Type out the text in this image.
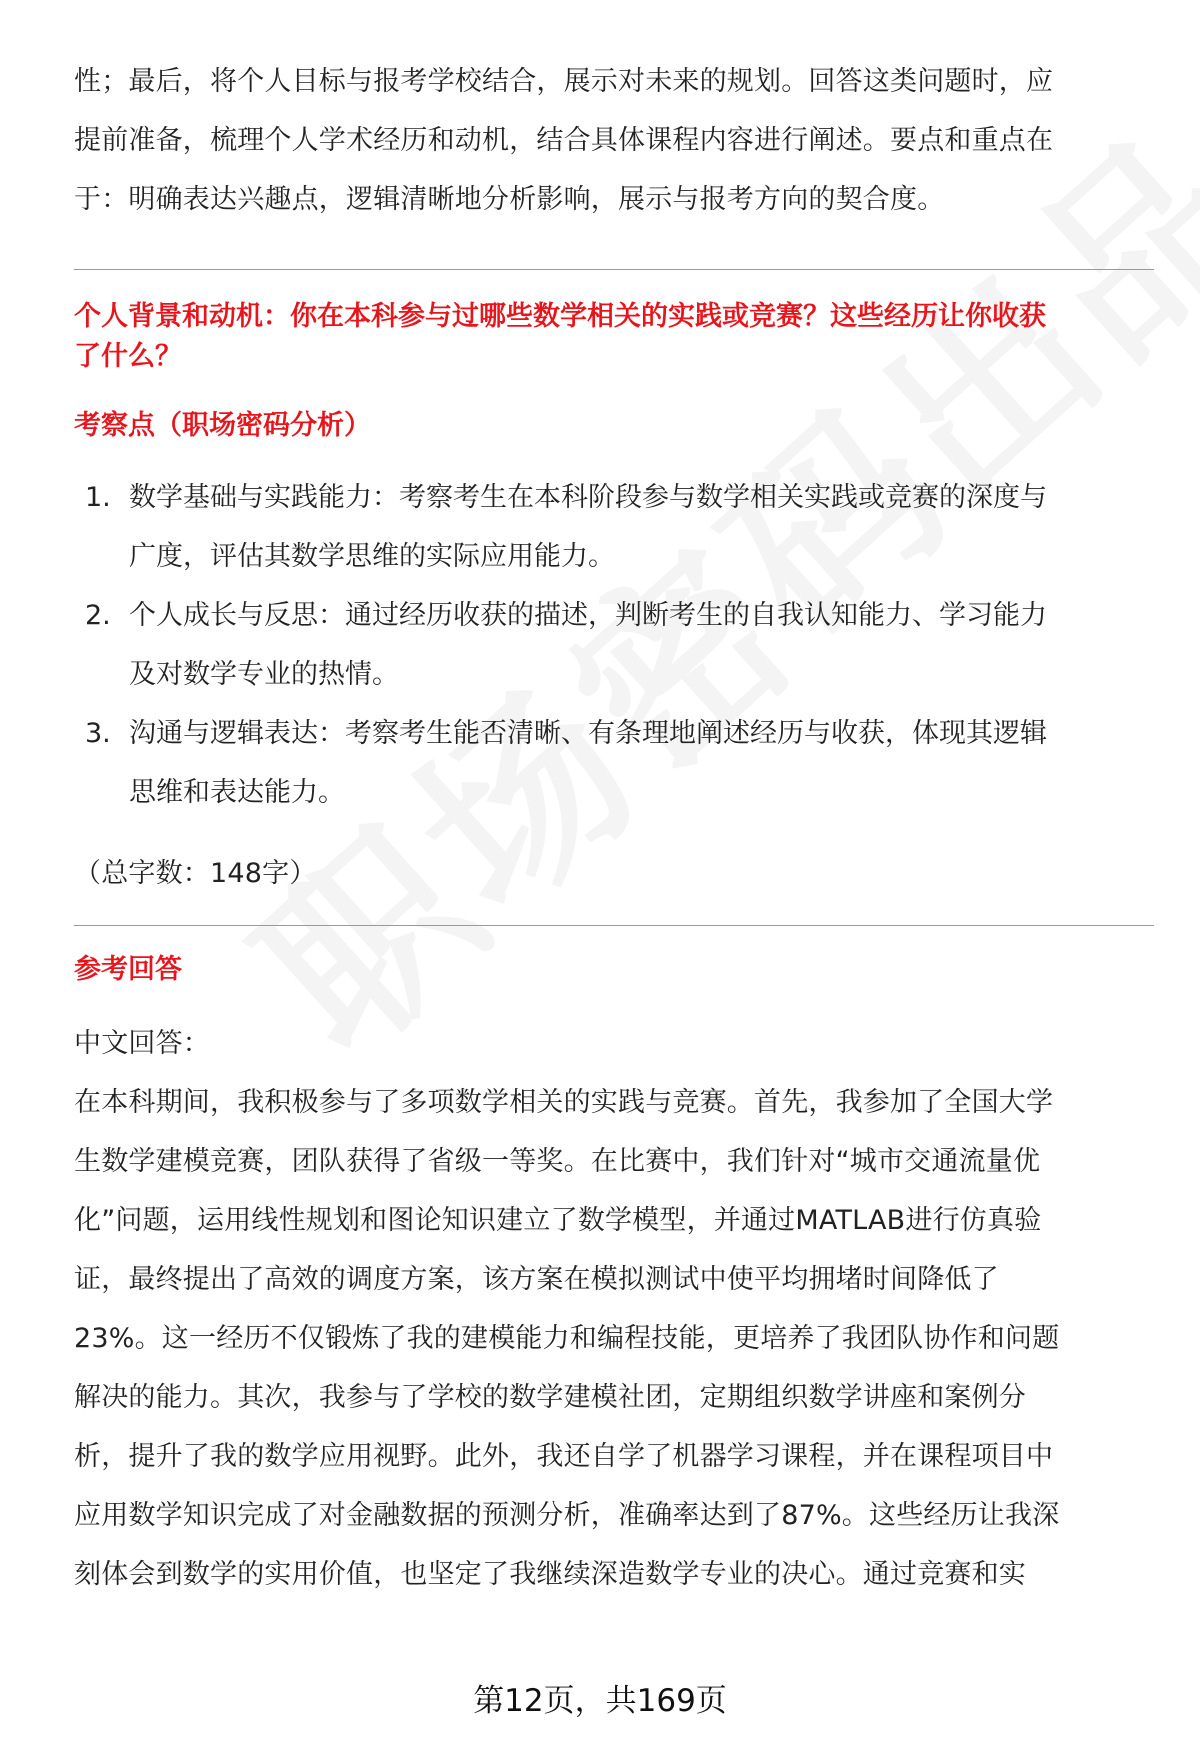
性；最后，将个人目标与报考学校结合，展示对未来的规划。回答这类问题时，应
提前准备，梳理个人学术经历和动机，结合具体课程内容进行阐述。要点和重点在
于：明确表达兴趣点，逻辑清晰地分析影响，展示与报考方向的契合度。
个人背景和动机：你在本科参与过哪些数学相关的实践或竞赛？这些经历让你收获
了什么？
考察点（职场密码分析）
1. 数学基础与实践能力：考察考生在本科阶段参与数学相关实践或竞赛的深度与
广度，评估其数学思维的实际应用能力。
2. 个人成长与反思：通过经历收获的描述，判断考生的自我认知能力、学习能力
及对数学专业的热情。
3. 沟通与逻辑表达：考察考生能否清晰、有条理地阐述经历与收获，体现其逻辑
思维和表达能力。
（总字数：148字）
参考回答
中文回答：
在本科期间，我积极参与了多项数学相关的实践与竞赛。首先，我参加了全国大学
生数学建模竞赛，团队获得了省级一等奖。在比赛中，我们针对“城市交通流量优
化”问题，运用线性规划和图论知识建立了数学模型，并通过MATLAB进行仿真验
证，最终提出了高效的调度方案，该方案在模拟测试中使平均拥堵时间降低了
23%。这一经历不仅锻炼了我的建模能力和编程技能，更培养了我团队协作和问题
解决的能力。其次，我参与了学校的数学建模社团，定期组织数学讲座和案例分
析，提升了我的数学应用视野。此外，我还自学了机器学习课程，并在课程项目中
应用数学知识完成了对金融数据的预测分析，准确率达到了87%。这些经历让我深
刻体会到数学的实用价值，也坚定了我继续深造数学专业的决心。通过竞赛和实
第12页，共169页
